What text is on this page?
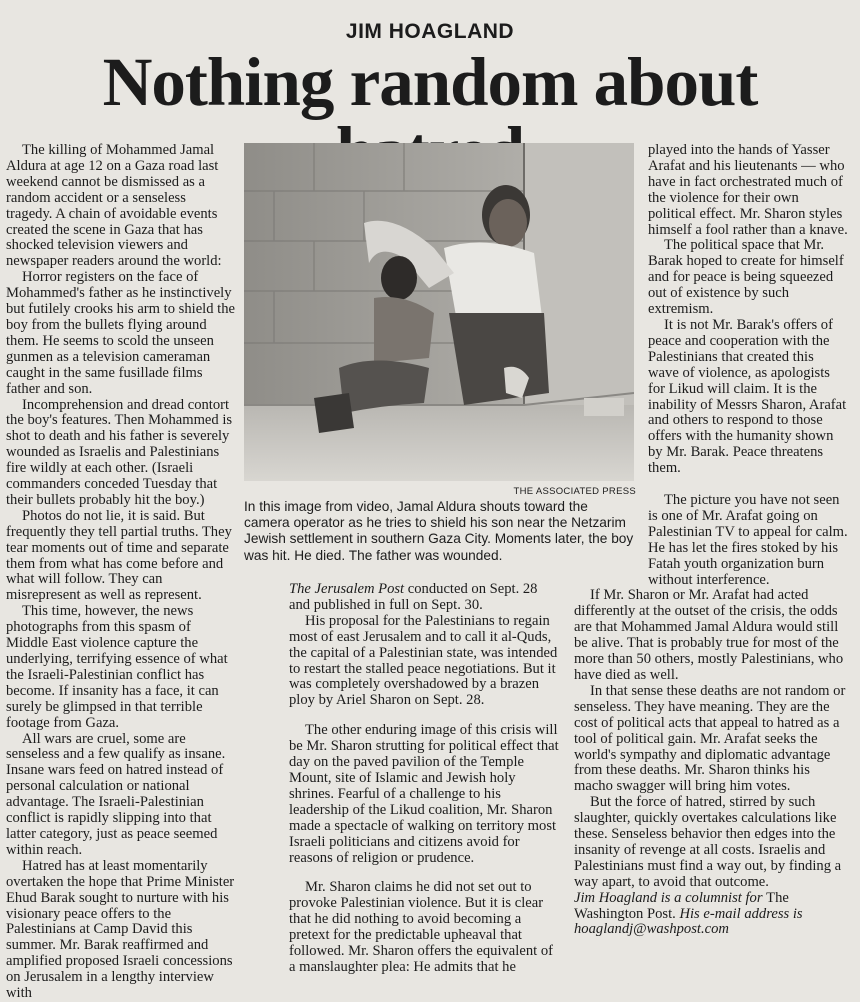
JIM HOAGLAND
Nothing random about

The killing of Mohammed Jamal Aldura at age 12 on a Gaza road last weekend cannot be dismissed as a random accident or a senseless tragedy. A chain of avoidable events created the scene in Gaza that has shocked television viewers and newspaper readers around the world:

Horror registers on the face of Mohammed's father as he instinctively but futilely crooks his arm to shield the boy from the bullets flying around them. He seems to scold the unseen gunmen as a television cameraman caught in the same fusillade films father and son.

Incomprehension and dread contort the boy's features. Then Mohammed is shot to death and his father is severely wounded as Israelis and Palestinians fire wildly at each other. (Israeli commanders conceded Tuesday that their bullets probably hit the boy.)

Photos do not lie, it is said. But frequently they tell partial truths. They tear moments out of time and separate them from what has come before and what will follow. They can misrepresent as well as represent.

This time, however, the news photographs from this spasm of Middle East violence capture the underlying, terrifying essence of what the Israeli-Palestinian conflict has become. If insanity has a face, it can surely be glimpsed in that terrible footage from Gaza.

All wars are cruel, some are senseless and a few qualify as insane. Insane wars feed on hatred instead of personal calculation or national advantage. The Israeli-Palestinian conflict is rapidly slipping into that latter category, just as peace seemed within reach.

Hatred has at least momentarily overtaken the hope that Prime Minister Ehud Barak sought to nurture with his visionary peace offers to the Palestinians at Camp David this summer. Mr. Barak reaffirmed and amplified proposed Israeli concessions on Jerusalem in a lengthy interview with

THE ASSOCIATED PRESS
In this image from video, Jamal Aldura shouts toward the camera operator as he tries to shield his son near the Netzarim Jewish settlement in southern Gaza City. Moments later, the boy was hit. He died. The father was wounded.

The Jerusalem Post conducted on Sept. 28 and published in full on Sept. 30.

His proposal for the Palestinians to regain most of east Jerusalem and to call it al-Quds, the capital of a Palestinian state, was intended to restart the stalled peace negotiations. But it was completely overshadowed by a brazen ploy by Ariel Sharon on Sept. 28.

The other enduring image of this crisis will be Mr. Sharon strutting for political effect that day on the paved pavilion of the Temple Mount, site of Islamic and Jewish holy shrines. Fearful of a challenge to his leadership of the Likud coalition, Mr. Sharon made a spectacle of walking on territory most Israeli politicians and citizens avoid for reasons of religion or prudence.

Mr. Sharon claims he did not set out to provoke Palestinian violence. But it is clear that he did nothing to avoid becoming a pretext for the predictable upheaval that followed. Mr. Sharon offers the equivalent of a manslaughter plea: He admits that he

played into the hands of Yasser Arafat and his lieutenants — who have in fact orchestrated much of the violence for their own political effect. Mr. Sharon styles himself a fool rather than a knave.

The political space that Mr. Barak hoped to create for himself and for peace is being squeezed out of existence by such extremism.

It is not Mr. Barak's offers of peace and cooperation with the Palestinians that created this wave of violence, as apologists for Likud will claim. It is the inability of Messrs Sharon, Arafat and others to respond to those offers with the humanity shown by Mr. Barak. Peace threatens them.

The picture you have not seen is one of Mr. Arafat going on Palestinian TV to appeal for calm. He has let the fires stoked by his Fatah youth organization burn without interference.

If Mr. Sharon or Mr. Arafat had acted differently at the outset of the crisis, the odds are that Mohammed Jamal Aldura would still be alive. That is probably true for most of the more than 50 others, mostly Palestinians, who have died as well.

In that sense these deaths are not random or senseless. They have meaning. They are the cost of political acts that appeal to hatred as a tool of political gain. Mr. Arafat seeks the world's sympathy and diplomatic advantage from these deaths. Mr. Sharon thinks his macho swagger will bring him votes.

But the force of hatred, stirred by such slaughter, quickly overtakes calculations like these. Senseless behavior then edges into the insanity of revenge at all costs. Israelis and Palestinians must find a way out, by finding a way apart, to avoid that outcome.

Jim Hoagland is a columnist for The Washington Post. His e-mail address is hoaglandj@washpost.com
